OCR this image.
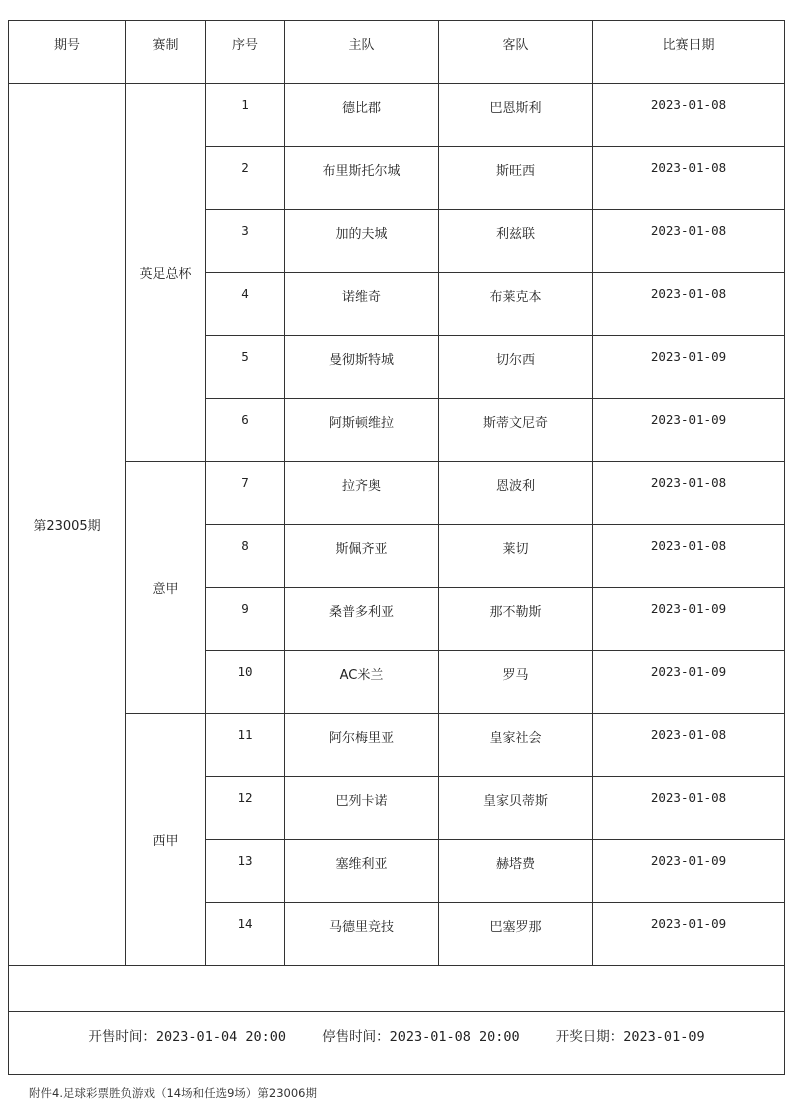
期号	赛制	序号	主队	客队	比赛日期
第23005期	英足总杯	1	德比郡	巴恩斯利	2023-01-08
		2	布里斯托尔城	斯旺西	2023-01-08
		3	加的夫城	利兹联	2023-01-08
		4	诺维奇	布莱克本	2023-01-08
		5	曼彻斯特城	切尔西	2023-01-09
		6	阿斯顿维拉	斯蒂文尼奇	2023-01-09
	意甲	7	拉齐奥	恩波利	2023-01-08
		8	斯佩齐亚	莱切	2023-01-08
		9	桑普多利亚	那不勒斯	2023-01-09
		10	AC米兰	罗马	2023-01-09
	西甲	11	阿尔梅里亚	皇家社会	2023-01-08
		12	巴列卡诺	皇家贝蒂斯	2023-01-08
		13	塞维利亚	赫塔费	2023-01-09
		14	马德里竞技	巴塞罗那	2023-01-09

开售时间：2023-01-04 20:00 停售时间：2023-01-08 20:00 开奖日期：2023-01-09					
附件4.足球彩票胜负游戏（14场和任选9场）第23006期
